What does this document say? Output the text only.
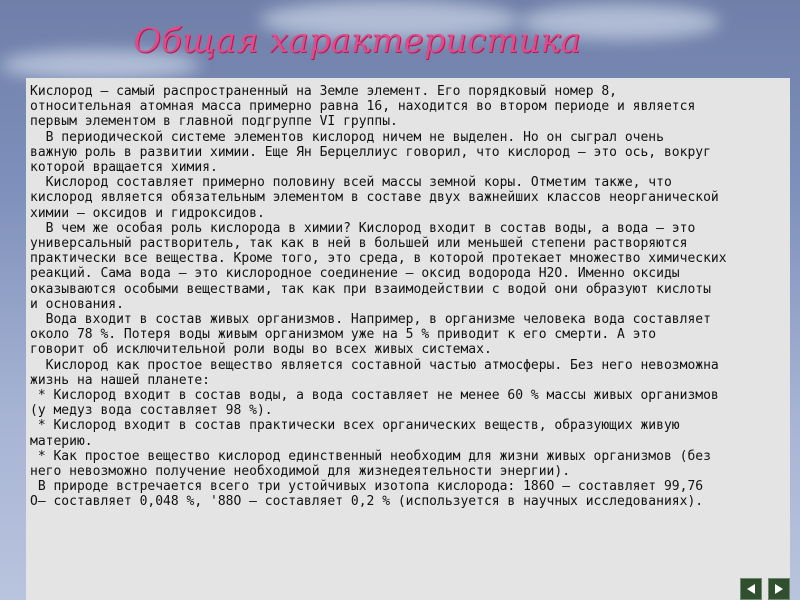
Общая характеристика

Кислород — самый распространенный на Земле элемент. Его порядковый номер 8,

относительная атомная масса примерно равна 16, находится во втором периоде и является

первым элементом в главной подгруппе VI группы.

В периодической системе элементов кислород ничем не выделен. Но он сыграл очень

важную роль в развитии химии. Еще Ян Берцеллиус говорил, что кислород — это ось, вокруг

которой вращается химия.

Кислород составляет примерно половину всей массы земной коры. Отметим также, что

кислород является обязательным элементом в составе двух важнейших классов неорганической

химии — оксидов и гидроксидов.

В чем же особая роль кислорода в химии? Кислород входит в состав воды, а вода — это

универсальный растворитель, так как в ней в большей или меньшей степени растворяются

практически все вещества. Кроме того, это среда, в которой протекает множество химических

реакций. Сама вода — это кислородное соединение — оксид водорода H2O. Именно оксиды

оказываются особыми веществами, так как при взаимодействии с водой они образуют кислоты

и основания.

Вода входит в состав живых организмов. Например, в организме человека вода составляет

около 78 %. Потеря воды живым организмом уже на 5 % приводит к его смерти. А это

говорит об исключительной роли воды во всех живых системах.

Кислород как простое вещество является составной частью атмосферы. Без него невозможна

жизнь на нашей планете:

* Кислород входит в состав воды, а вода составляет не менее 60 % массы живых организмов

(у медуз вода составляет 98 %).

* Кислород входит в состав практически всех органических веществ, образующих живую

материю.

* Как простое вещество кислород единственный необходим для жизни живых организмов (без

него невозможно получение необходимой для жизнедеятельности энергии).

В природе встречается всего три устойчивых изотопа кислорода: 186O — составляет 99,76

O— составляет 0,048 %, '88O — составляет 0,2 % (используется в научных исследованиях).
